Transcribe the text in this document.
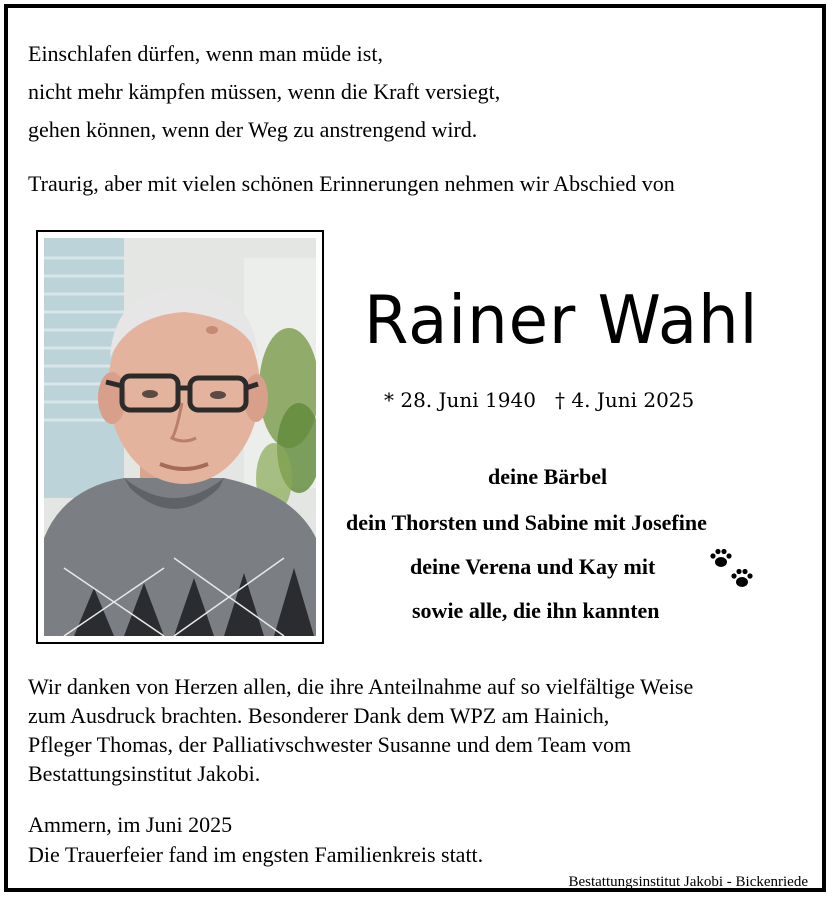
Einschlafen dürfen, wenn man müde ist,
nicht mehr kämpfen müssen, wenn die Kraft versiegt,
gehen können, wenn der Weg zu anstrengend wird.
Traurig, aber mit vielen schönen Erinnerungen nehmen wir Abschied von
Rainer Wahl
* 28. Juni 1940 † 4. Juni 2025
deine Bärbel
dein Thorsten und Sabine mit Josefine
deine Verena und Kay mit
sowie alle, die ihn kannten
Wir danken von Herzen allen, die ihre Anteilnahme auf so vielfältige Weise
zum Ausdruck brachten. Besonderer Dank dem WPZ am Hainich,
Pfleger Thomas, der Palliativschwester Susanne und dem Team vom
Bestattungsinstitut Jakobi.
Ammern, im Juni 2025
Die Trauerfeier fand im engsten Familienkreis statt.
Bestattungsinstitut Jakobi - Bickenriede
